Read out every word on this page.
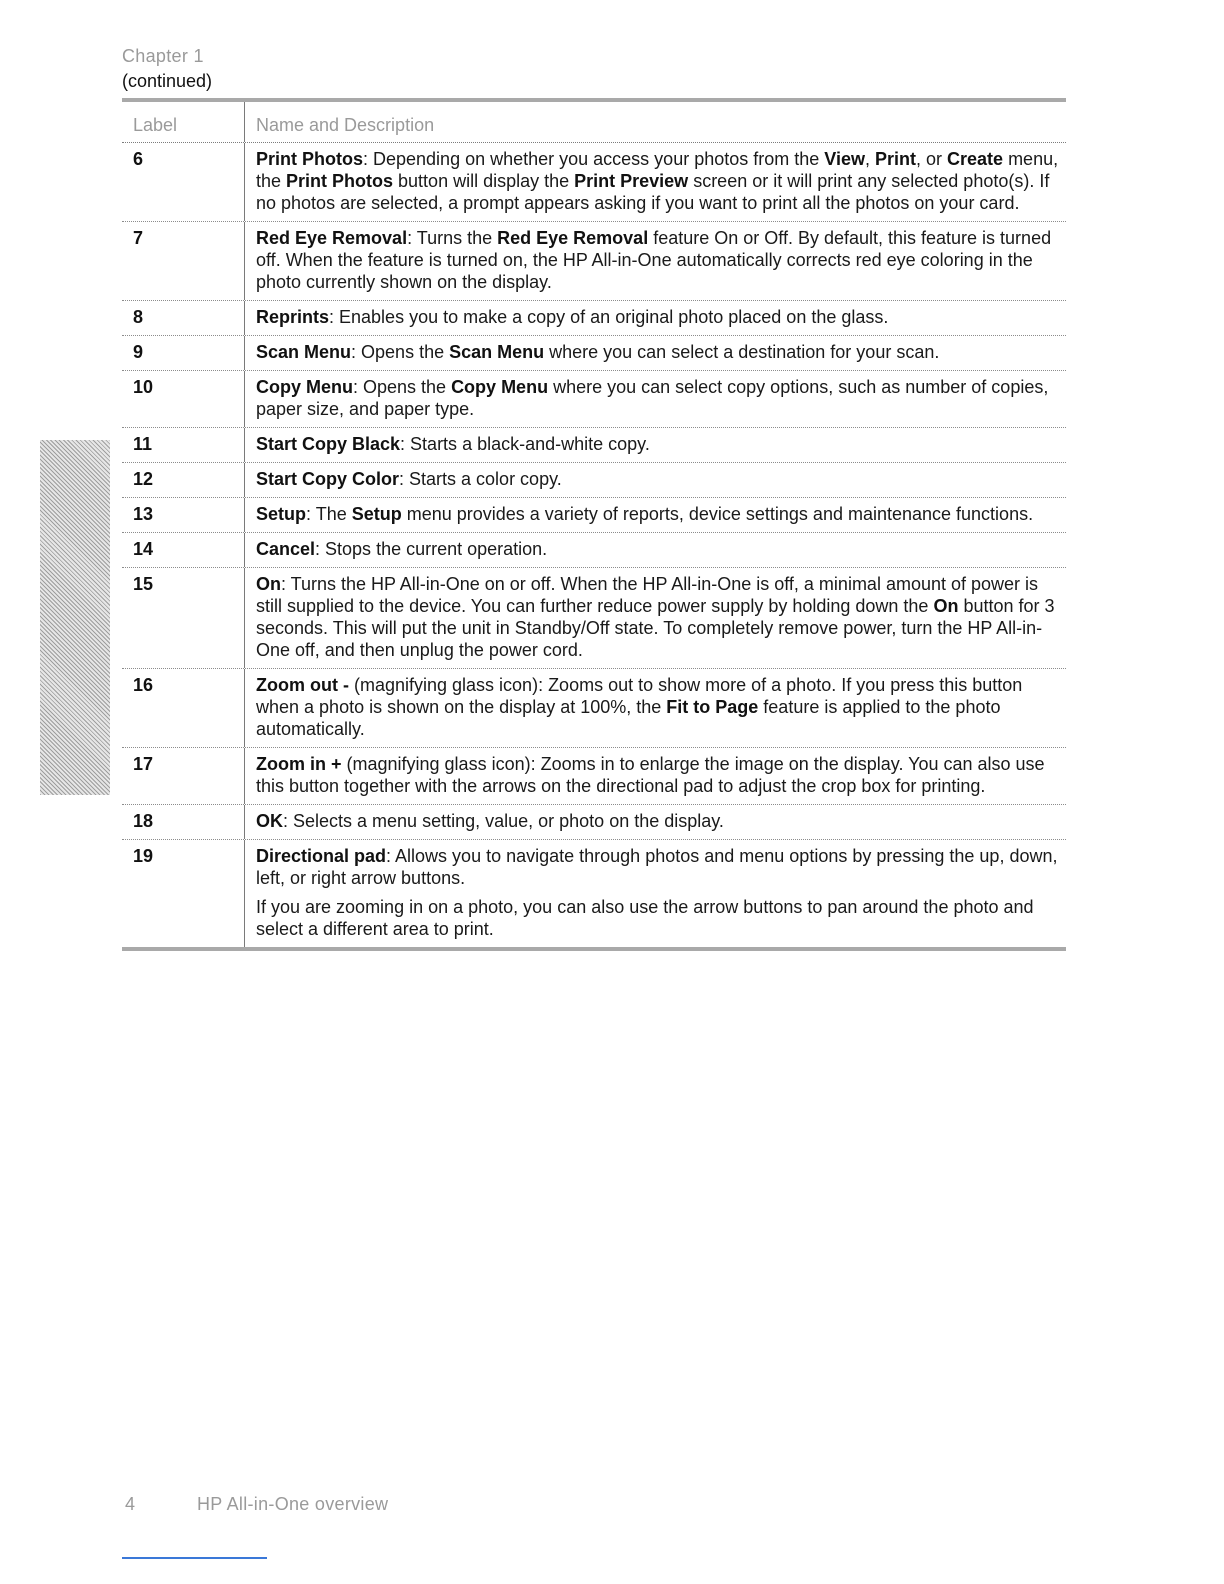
Chapter 1
(continued)
HP All-in-One overview
Label	Name and Description
6	Print Photos: Depending on whether you access your photos from the View, Print, or Create menu, the Print Photos button will display the Print Preview screen or it will print any selected photo(s). If no photos are selected, a prompt appears asking if you want to print all the photos on your card.

7	Red Eye Removal: Turns the Red Eye Removal feature On or Off. By default, this feature is turned off. When the feature is turned on, the HP All-in-One automatically corrects red eye coloring in the photo currently shown on the display.

8	Reprints: Enables you to make a copy of an original photo placed on the glass.

9	Scan Menu: Opens the Scan Menu where you can select a destination for your scan.

10	Copy Menu: Opens the Copy Menu where you can select copy options, such as number of copies, paper size, and paper type.

11	Start Copy Black: Starts a black-and-white copy.

12	Start Copy Color: Starts a color copy.

13	Setup: The Setup menu provides a variety of reports, device settings and maintenance functions.

14	Cancel: Stops the current operation.

15	On: Turns the HP All-in-One on or off. When the HP All-in-One is off, a minimal amount of power is still supplied to the device. You can further reduce power supply by holding down the On button for 3 seconds. This will put the unit in Standby/Off state. To completely remove power, turn the HP All-in-One off, and then unplug the power cord.

16	Zoom out - (magnifying glass icon): Zooms out to show more of a photo. If you press this button when a photo is shown on the display at 100%, the Fit to Page feature is applied to the photo automatically.

17	Zoom in + (magnifying glass icon): Zooms in to enlarge the image on the display. You can also use this button together with the arrows on the directional pad to adjust the crop box for printing.

18	OK: Selects a menu setting, value, or photo on the display.

19	Directional pad: Allows you to navigate through photos and menu options by pressing the up, down, left, or right arrow buttons.

If you are zooming in on a photo, you can also use the arrow buttons to pan around the photo and select a different area to print.

4	HP All-in-One overview
